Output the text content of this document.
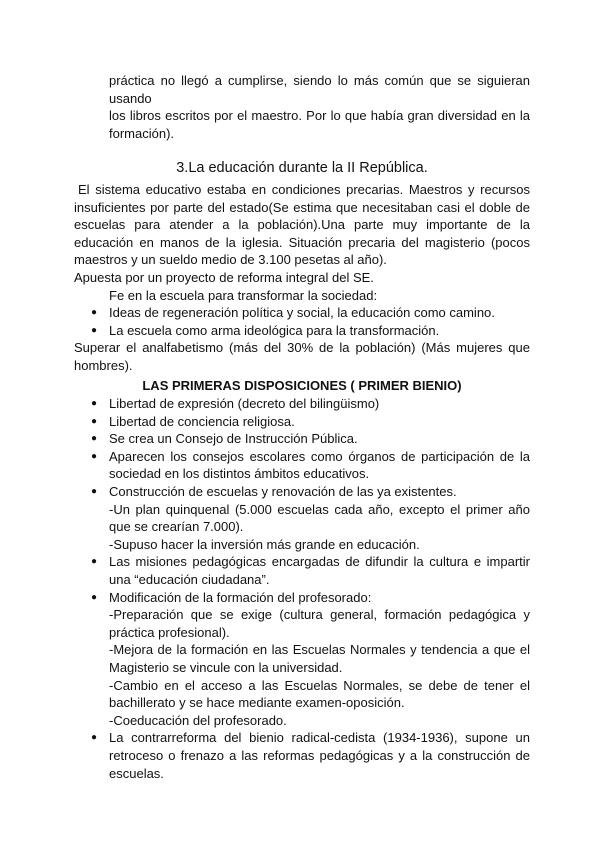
práctica no llegó a cumplirse, siendo lo más común que se siguieran usando

los libros escritos por el maestro. Por lo que había gran diversidad en la

formación).

3.La educación durante la II República.

El sistema educativo estaba en condiciones precarias. Maestros y recursos insuficientes por parte del estado(Se estima que necesitaban casi el doble de escuelas para atender a la población).Una parte muy importante de la educación en manos de la iglesia. Situación precaria del magisterio (pocos maestros y un sueldo medio de 3.100 pesetas al año).

Apuesta por un proyecto de reforma integral del SE.

Fe en la escuela para transformar la sociedad:

● Ideas de regeneración política y social, la educación como camino.
● La escuela como arma ideológica para la transformación.

Superar el analfabetismo (más del 30% de la población) (Más mujeres que hombres).

LAS PRIMERAS DISPOSICIONES ( PRIMER BIENIO)
● Libertad de expresión (decreto del bilingüismo)
● Libertad de conciencia religiosa.
● Se crea un Consejo de Instrucción Pública.
● Aparecen los consejos escolares como órganos de participación de la sociedad en los distintos ámbitos educativos.
● Construcción de escuelas y renovación de las ya existentes.
-Un plan quinquenal (5.000 escuelas cada año, excepto el primer año que se crearían 7.000).
-Supuso hacer la inversión más grande en educación.
● Las misiones pedagógicas encargadas de difundir la cultura e impartir una “educación ciudadana”.
● Modificación de la formación del profesorado:
-Preparación que se exige (cultura general, formación pedagógica y práctica profesional).
-Mejora de la formación en las Escuelas Normales y tendencia a que el Magisterio se vincule con la universidad.
-Cambio en el acceso a las Escuelas Normales, se debe de tener el bachillerato y se hace mediante examen-oposición.
-Coeducación del profesorado.
● La contrarreforma del bienio radical-cedista (1934-1936), supone un retroceso o frenazo a las reformas pedagógicas y a la construcción de escuelas.
